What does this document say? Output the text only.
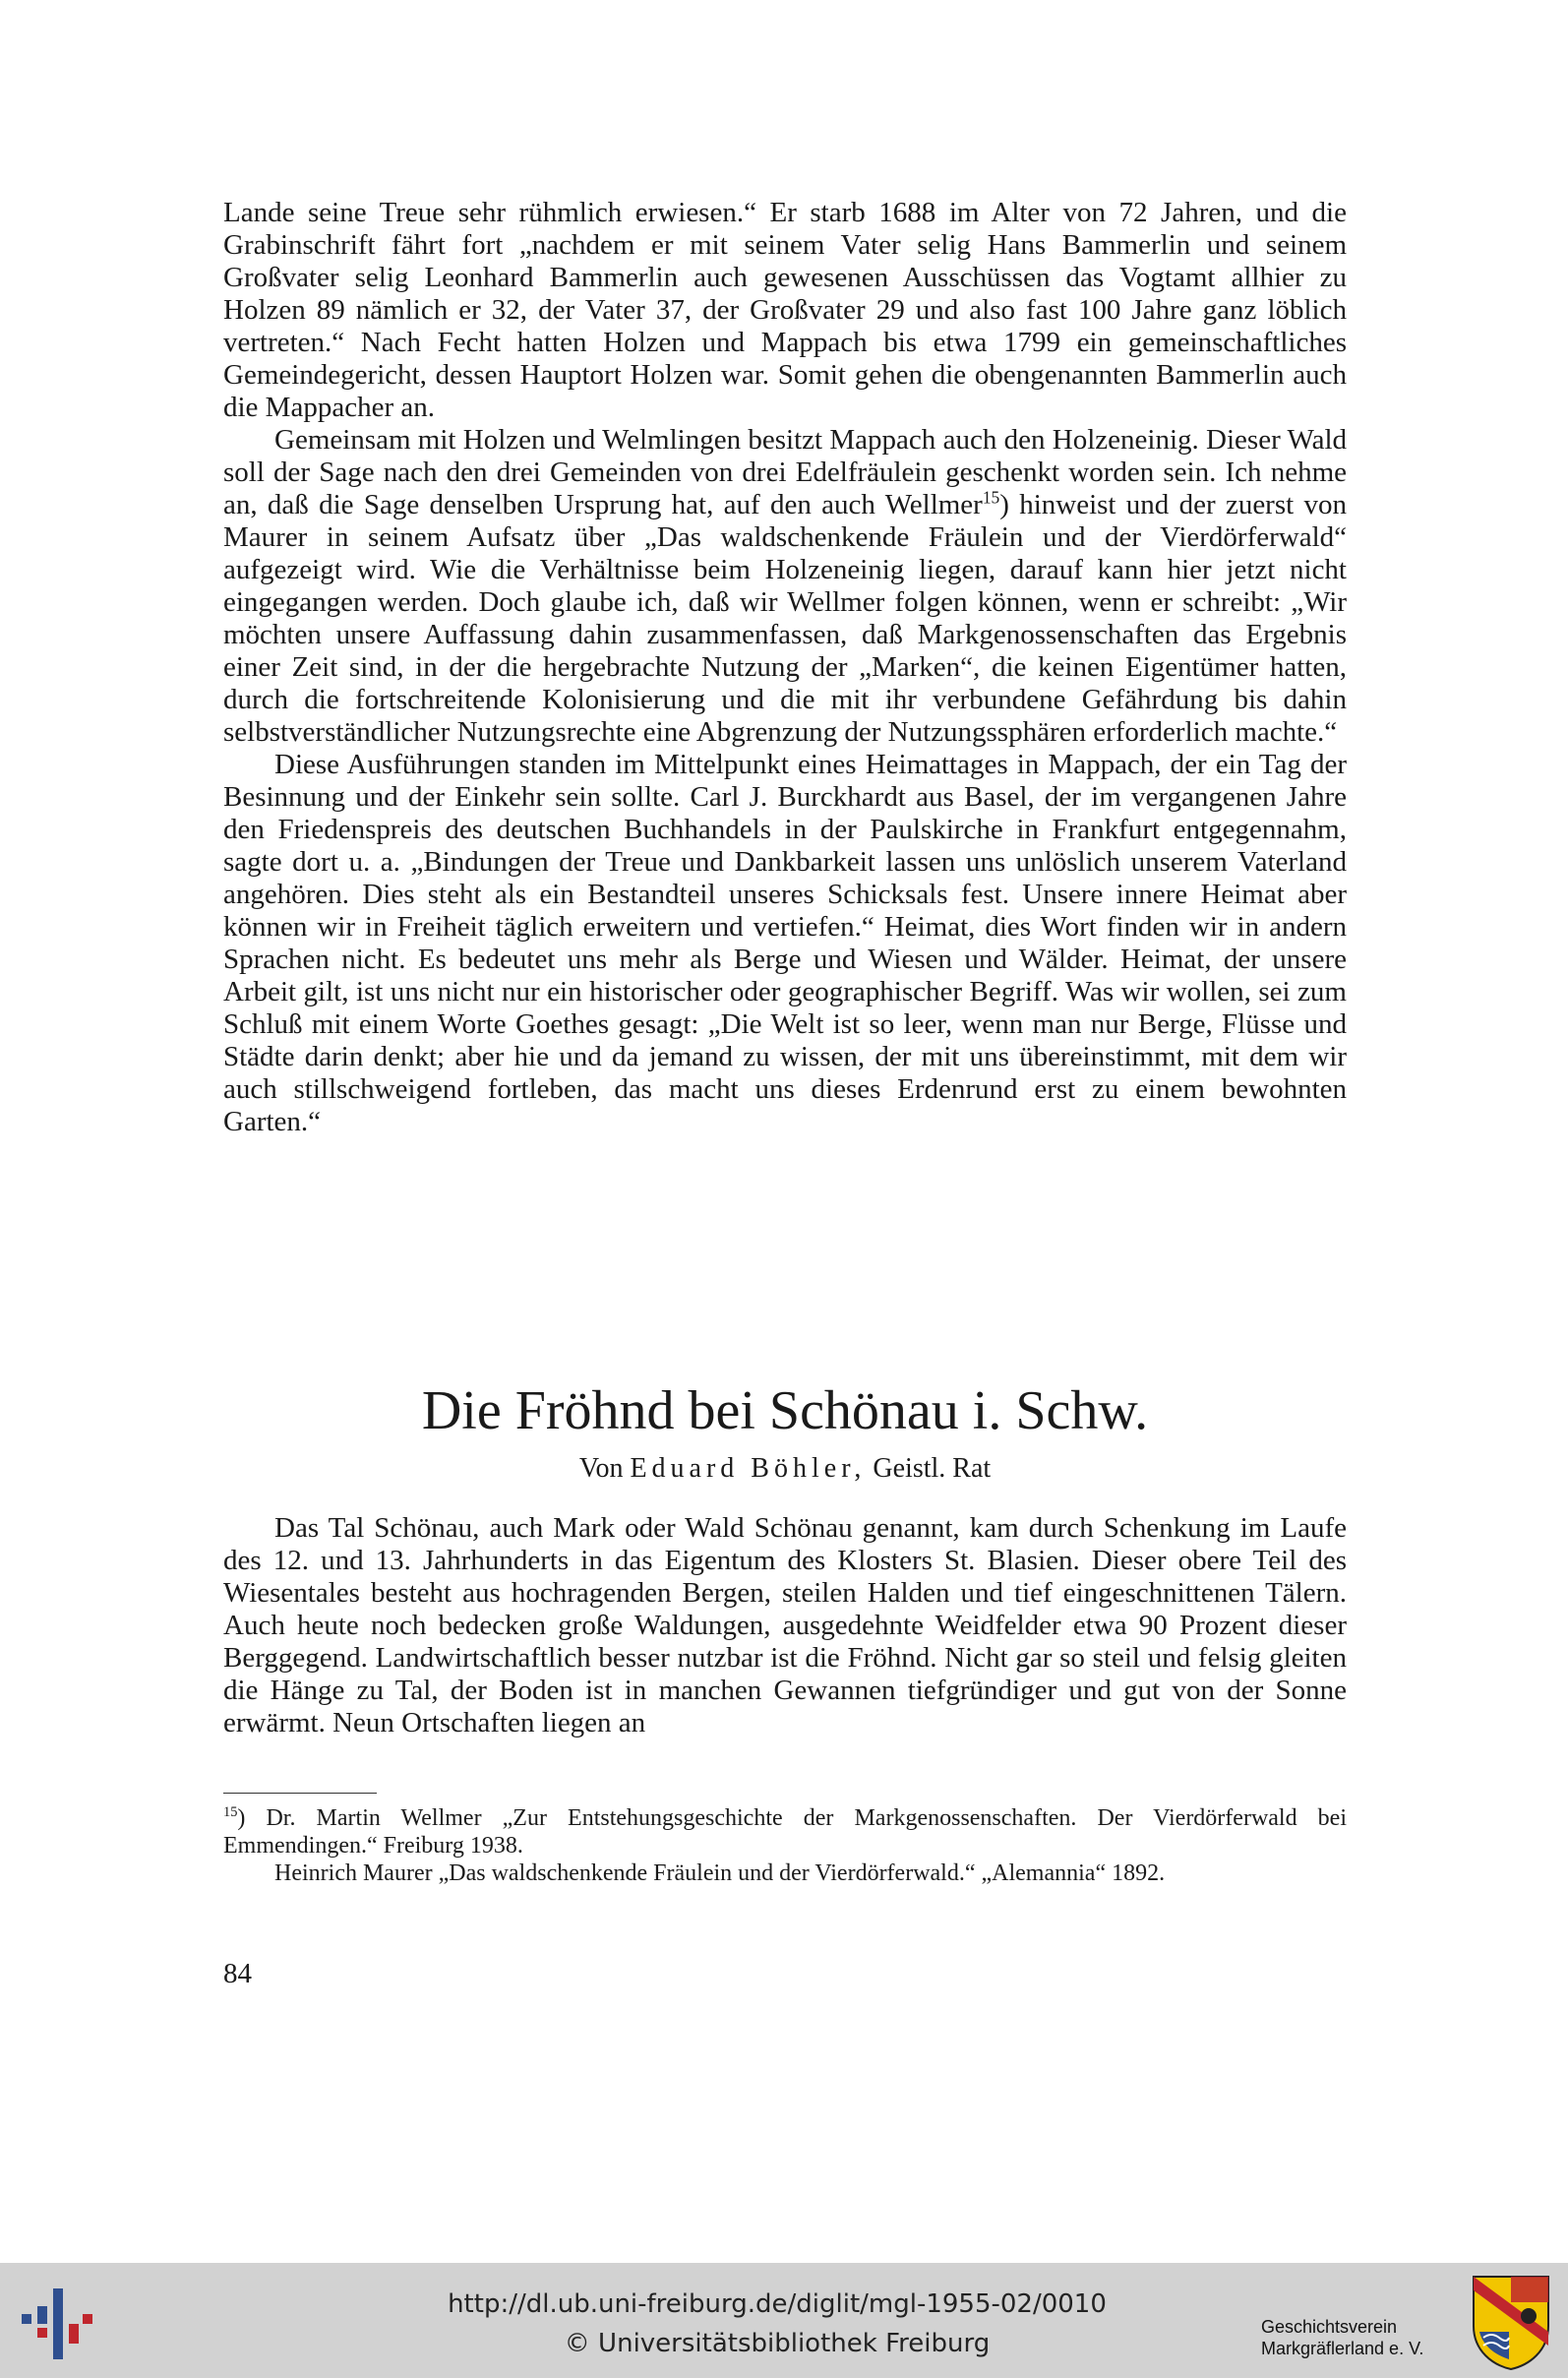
Lande seine Treue sehr rühmlich erwiesen.“ Er starb 1688 im Alter von 72 Jahren, und die Grabinschrift fährt fort „nachdem er mit seinem Vater selig Hans Bammerlin und seinem Großvater selig Leonhard Bammerlin auch gewesenen Ausschüssen das Vogtamt allhier zu Holzen 89 nämlich er 32, der Vater 37, der Großvater 29 und also fast 100 Jahre ganz löblich vertreten.“ Nach Fecht hatten Holzen und Mappach bis etwa 1799 ein gemeinschaftliches Gemeindegericht, dessen Hauptort Holzen war. Somit gehen die obengenannten Bammerlin auch die Mappacher an.

Gemeinsam mit Holzen und Welmlingen besitzt Mappach auch den Holzeneinig. Dieser Wald soll der Sage nach den drei Gemeinden von drei Edelfräulein geschenkt worden sein. Ich nehme an, daß die Sage denselben Ursprung hat, auf den auch Wellmer$^{15}$) hinweist und der zuerst von Maurer in seinem Aufsatz über „Das waldschenkende Fräulein und der Vierdörferwald“ aufgezeigt wird. Wie die Verhältnisse beim Holzeneinig liegen, darauf kann hier jetzt nicht eingegangen werden. Doch glaube ich, daß wir Wellmer folgen können, wenn er schreibt: „Wir möchten unsere Auffassung dahin zusammenfassen, daß Markgenossenschaften das Ergebnis einer Zeit sind, in der die hergebrachte Nutzung der „Marken“, die keinen Eigentümer hatten, durch die fortschreitende Kolonisierung und die mit ihr verbundene Gefährdung bis dahin selbstverständlicher Nutzungsrechte eine Abgrenzung der Nutzungssphären erforderlich machte.“

Diese Ausführungen standen im Mittelpunkt eines Heimattages in Mappach, der ein Tag der Besinnung und der Einkehr sein sollte. Carl J. Burckhardt aus Basel, der im vergangenen Jahre den Friedenspreis des deutschen Buchhandels in der Paulskirche in Frankfurt entgegennahm, sagte dort u. a. „Bindungen der Treue und Dankbarkeit lassen uns unlöslich unserem Vaterland angehören. Dies steht als ein Bestandteil unseres Schicksals fest. Unsere innere Heimat aber können wir in Freiheit täglich erweitern und vertiefen.“ Heimat, dies Wort finden wir in andern Sprachen nicht. Es bedeutet uns mehr als Berge und Wiesen und Wälder. Heimat, der unsere Arbeit gilt, ist uns nicht nur ein historischer oder geographischer Begriff. Was wir wollen, sei zum Schluß mit einem Worte Goethes gesagt: „Die Welt ist so leer, wenn man nur Berge, Flüsse und Städte darin denkt; aber hie und da jemand zu wissen, der mit uns übereinstimmt, mit dem wir auch stillschweigend fortleben, das macht uns dieses Erdenrund erst zu einem bewohnten Garten.“

Die Fröhnd bei Schönau i. Schw.
Von Eduard Böhler, Geistl. Rat

Das Tal Schönau, auch Mark oder Wald Schönau genannt, kam durch Schenkung im Laufe des 12. und 13. Jahrhunderts in das Eigentum des Klosters St. Blasien. Dieser obere Teil des Wiesentales besteht aus hochragenden Bergen, steilen Halden und tief eingeschnittenen Tälern. Auch heute noch bedecken große Waldungen, ausgedehnte Weidfelder etwa 90 Prozent dieser Berggegend. Landwirtschaftlich besser nutzbar ist die Fröhnd. Nicht gar so steil und felsig gleiten die Hänge zu Tal, der Boden ist in manchen Gewannen tiefgründiger und gut von der Sonne erwärmt. Neun Ortschaften liegen an

$^{15}$) Dr. Martin Wellmer „Zur Entstehungsgeschichte der Markgenossenschaften. Der Vierdörferwald bei Emmendingen.“ Freiburg 1938.

Heinrich Maurer „Das waldschenkende Fräulein und der Vierdörferwald.“ „Alemannia“ 1892.

84
http://dl.ub.uni-freiburg.de/diglit/mgl-1955-02/0010
© Universitätsbibliothek Freiburg
Geschichtsverein
Markgräflerland e. V.
